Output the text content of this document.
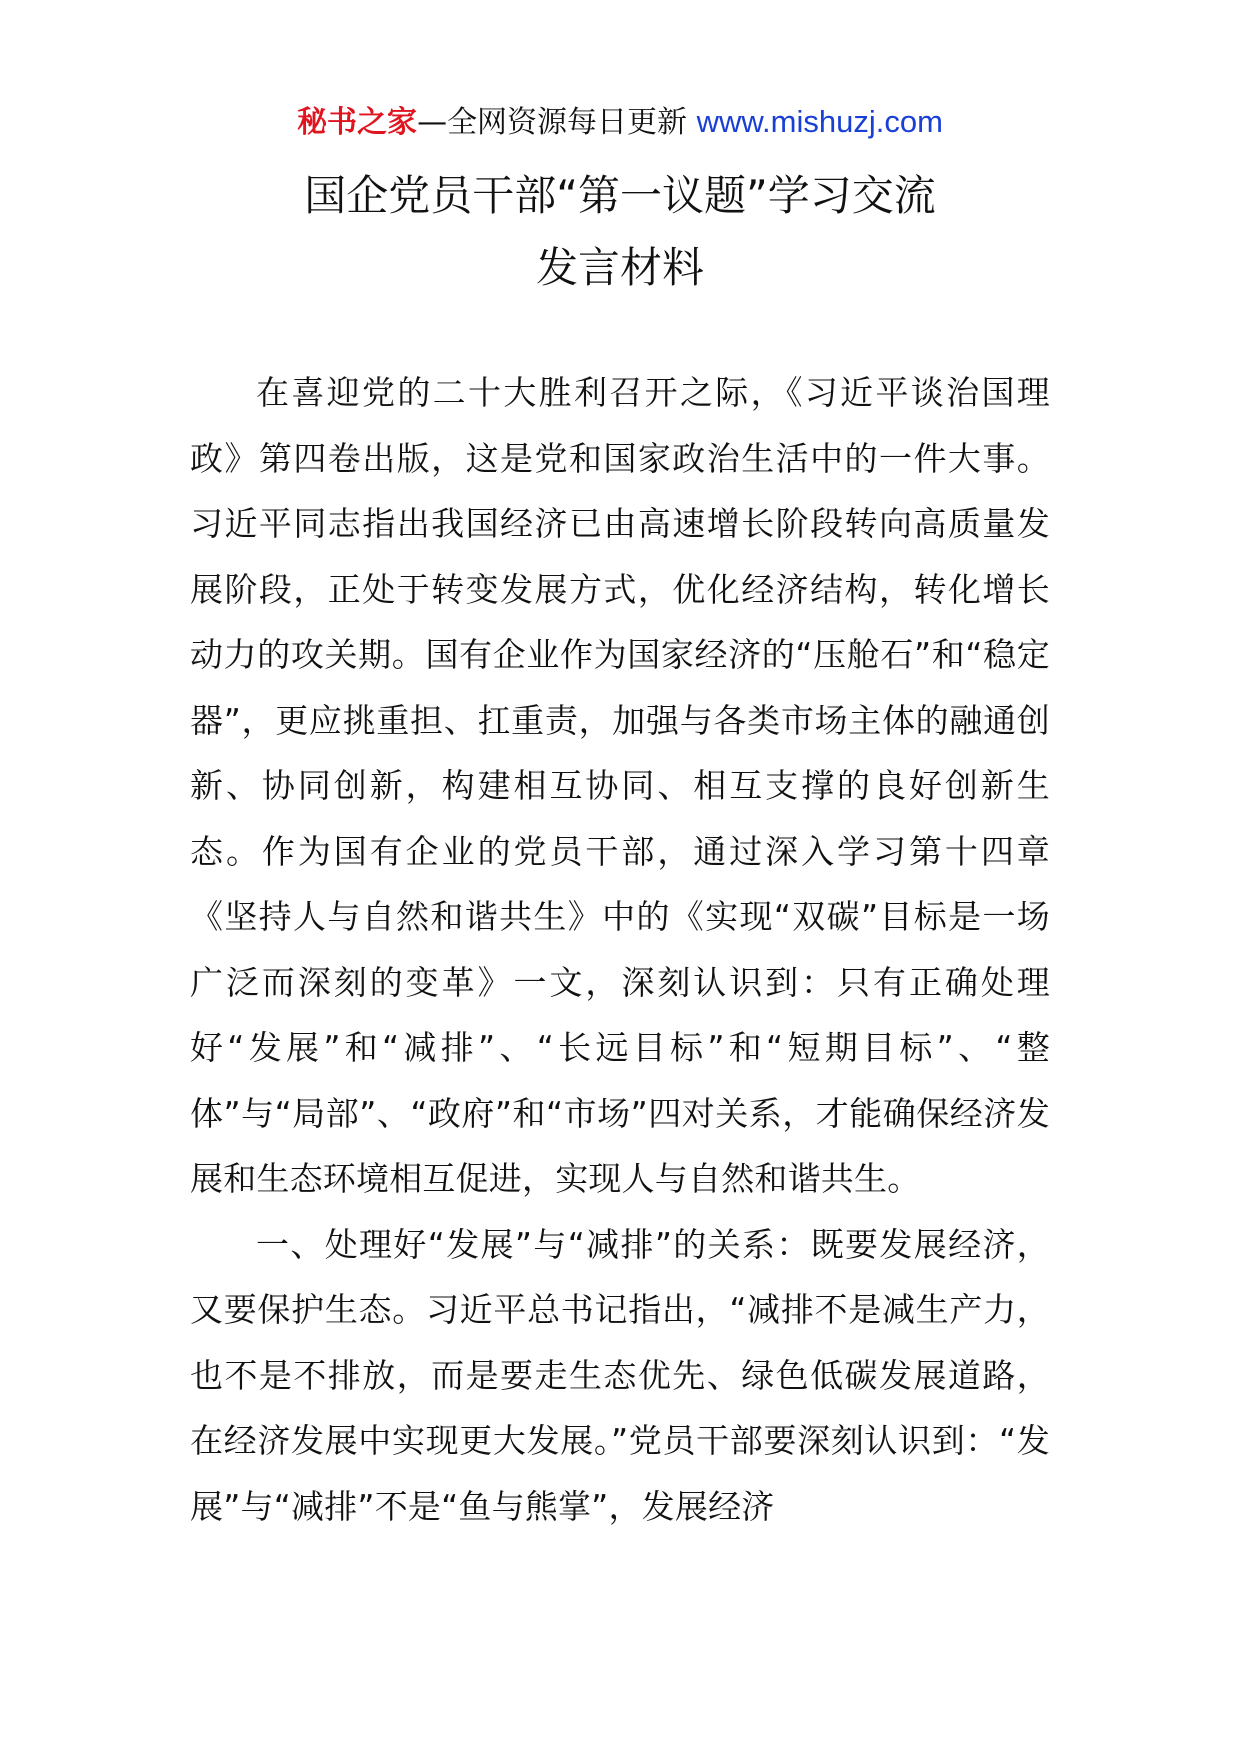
秘书之家—全网资源每日更新 www.mishuzj.com
国企党员干部“第一议题”学习交流
发言材料

在喜迎党的二十大胜利召开之际，《习近平谈治国理政》第四卷出版，这是党和国家政治生活中的一件大事。习近平同志指出我国经济已由高速增长阶段转向高质量发展阶段，正处于转变发展方式，优化经济结构，转化增长动力的攻关期。国有企业作为国家经济的“压舱石”和“稳定器”，更应挑重担、扛重责，加强与各类市场主体的融通创新、协同创新，构建相互协同、相互支撑的良好创新生态。作为国有企业的党员干部，通过深入学习第十四章《坚持人与自然和谐共生》中的《实现“双碳”目标是一场广泛而深刻的变革》一文，深刻认识到：只有正确处理好“发展”和“减排”、“长远目标”和“短期目标”、“整体”与“局部”、“政府”和“市场”四对关系，才能确保经济发展和生态环境相互促进，实现人与自然和谐共生。

一、处理好“发展”与“减排”的关系：既要发展经济，又要保护生态。习近平总书记指出，“减排不是减生产力，也不是不排放，而是要走生态优先、绿色低碳发展道路，在经济发展中实现更大发展。”党员干部要深刻认识到：“发展”与“减排”不是“鱼与熊掌”，发展经济
